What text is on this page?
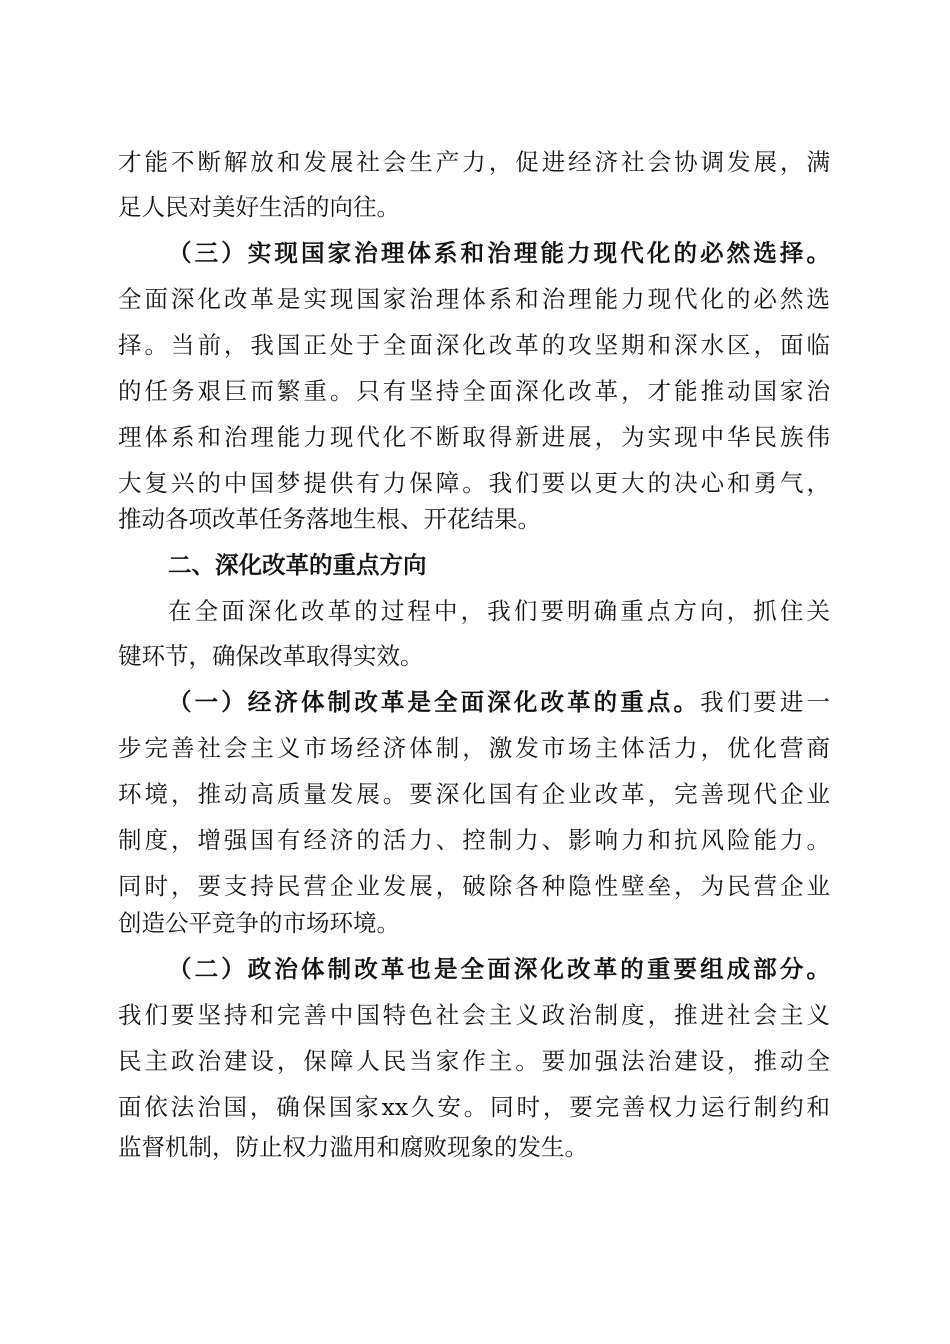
才能不断解放和发展社会生产力，促进经济社会协调发展，满
足人民对美好生活的向往。
（三）实现国家治理体系和治理能力现代化的必然选择。
全面深化改革是实现国家治理体系和治理能力现代化的必然选
择。当前，我国正处于全面深化改革的攻坚期和深水区，面临
的任务艰巨而繁重。只有坚持全面深化改革，才能推动国家治
理体系和治理能力现代化不断取得新进展，为实现中华民族伟
大复兴的中国梦提供有力保障。我们要以更大的决心和勇气，
推动各项改革任务落地生根、开花结果。
二、深化改革的重点方向
在全面深化改革的过程中，我们要明确重点方向，抓住关
键环节，确保改革取得实效。
（一）经济体制改革是全面深化改革的重点。我们要进一
步完善社会主义市场经济体制，激发市场主体活力，优化营商
环境，推动高质量发展。要深化国有企业改革，完善现代企业
制度，增强国有经济的活力、控制力、影响力和抗风险能力。
同时，要支持民营企业发展，破除各种隐性壁垒，为民营企业
创造公平竞争的市场环境。
（二）政治体制改革也是全面深化改革的重要组成部分。
我们要坚持和完善中国特色社会主义政治制度，推进社会主义
民主政治建设，保障人民当家作主。要加强法治建设，推动全
面依法治国，确保国家xx久安。同时，要完善权力运行制约和
监督机制，防止权力滥用和腐败现象的发生。
